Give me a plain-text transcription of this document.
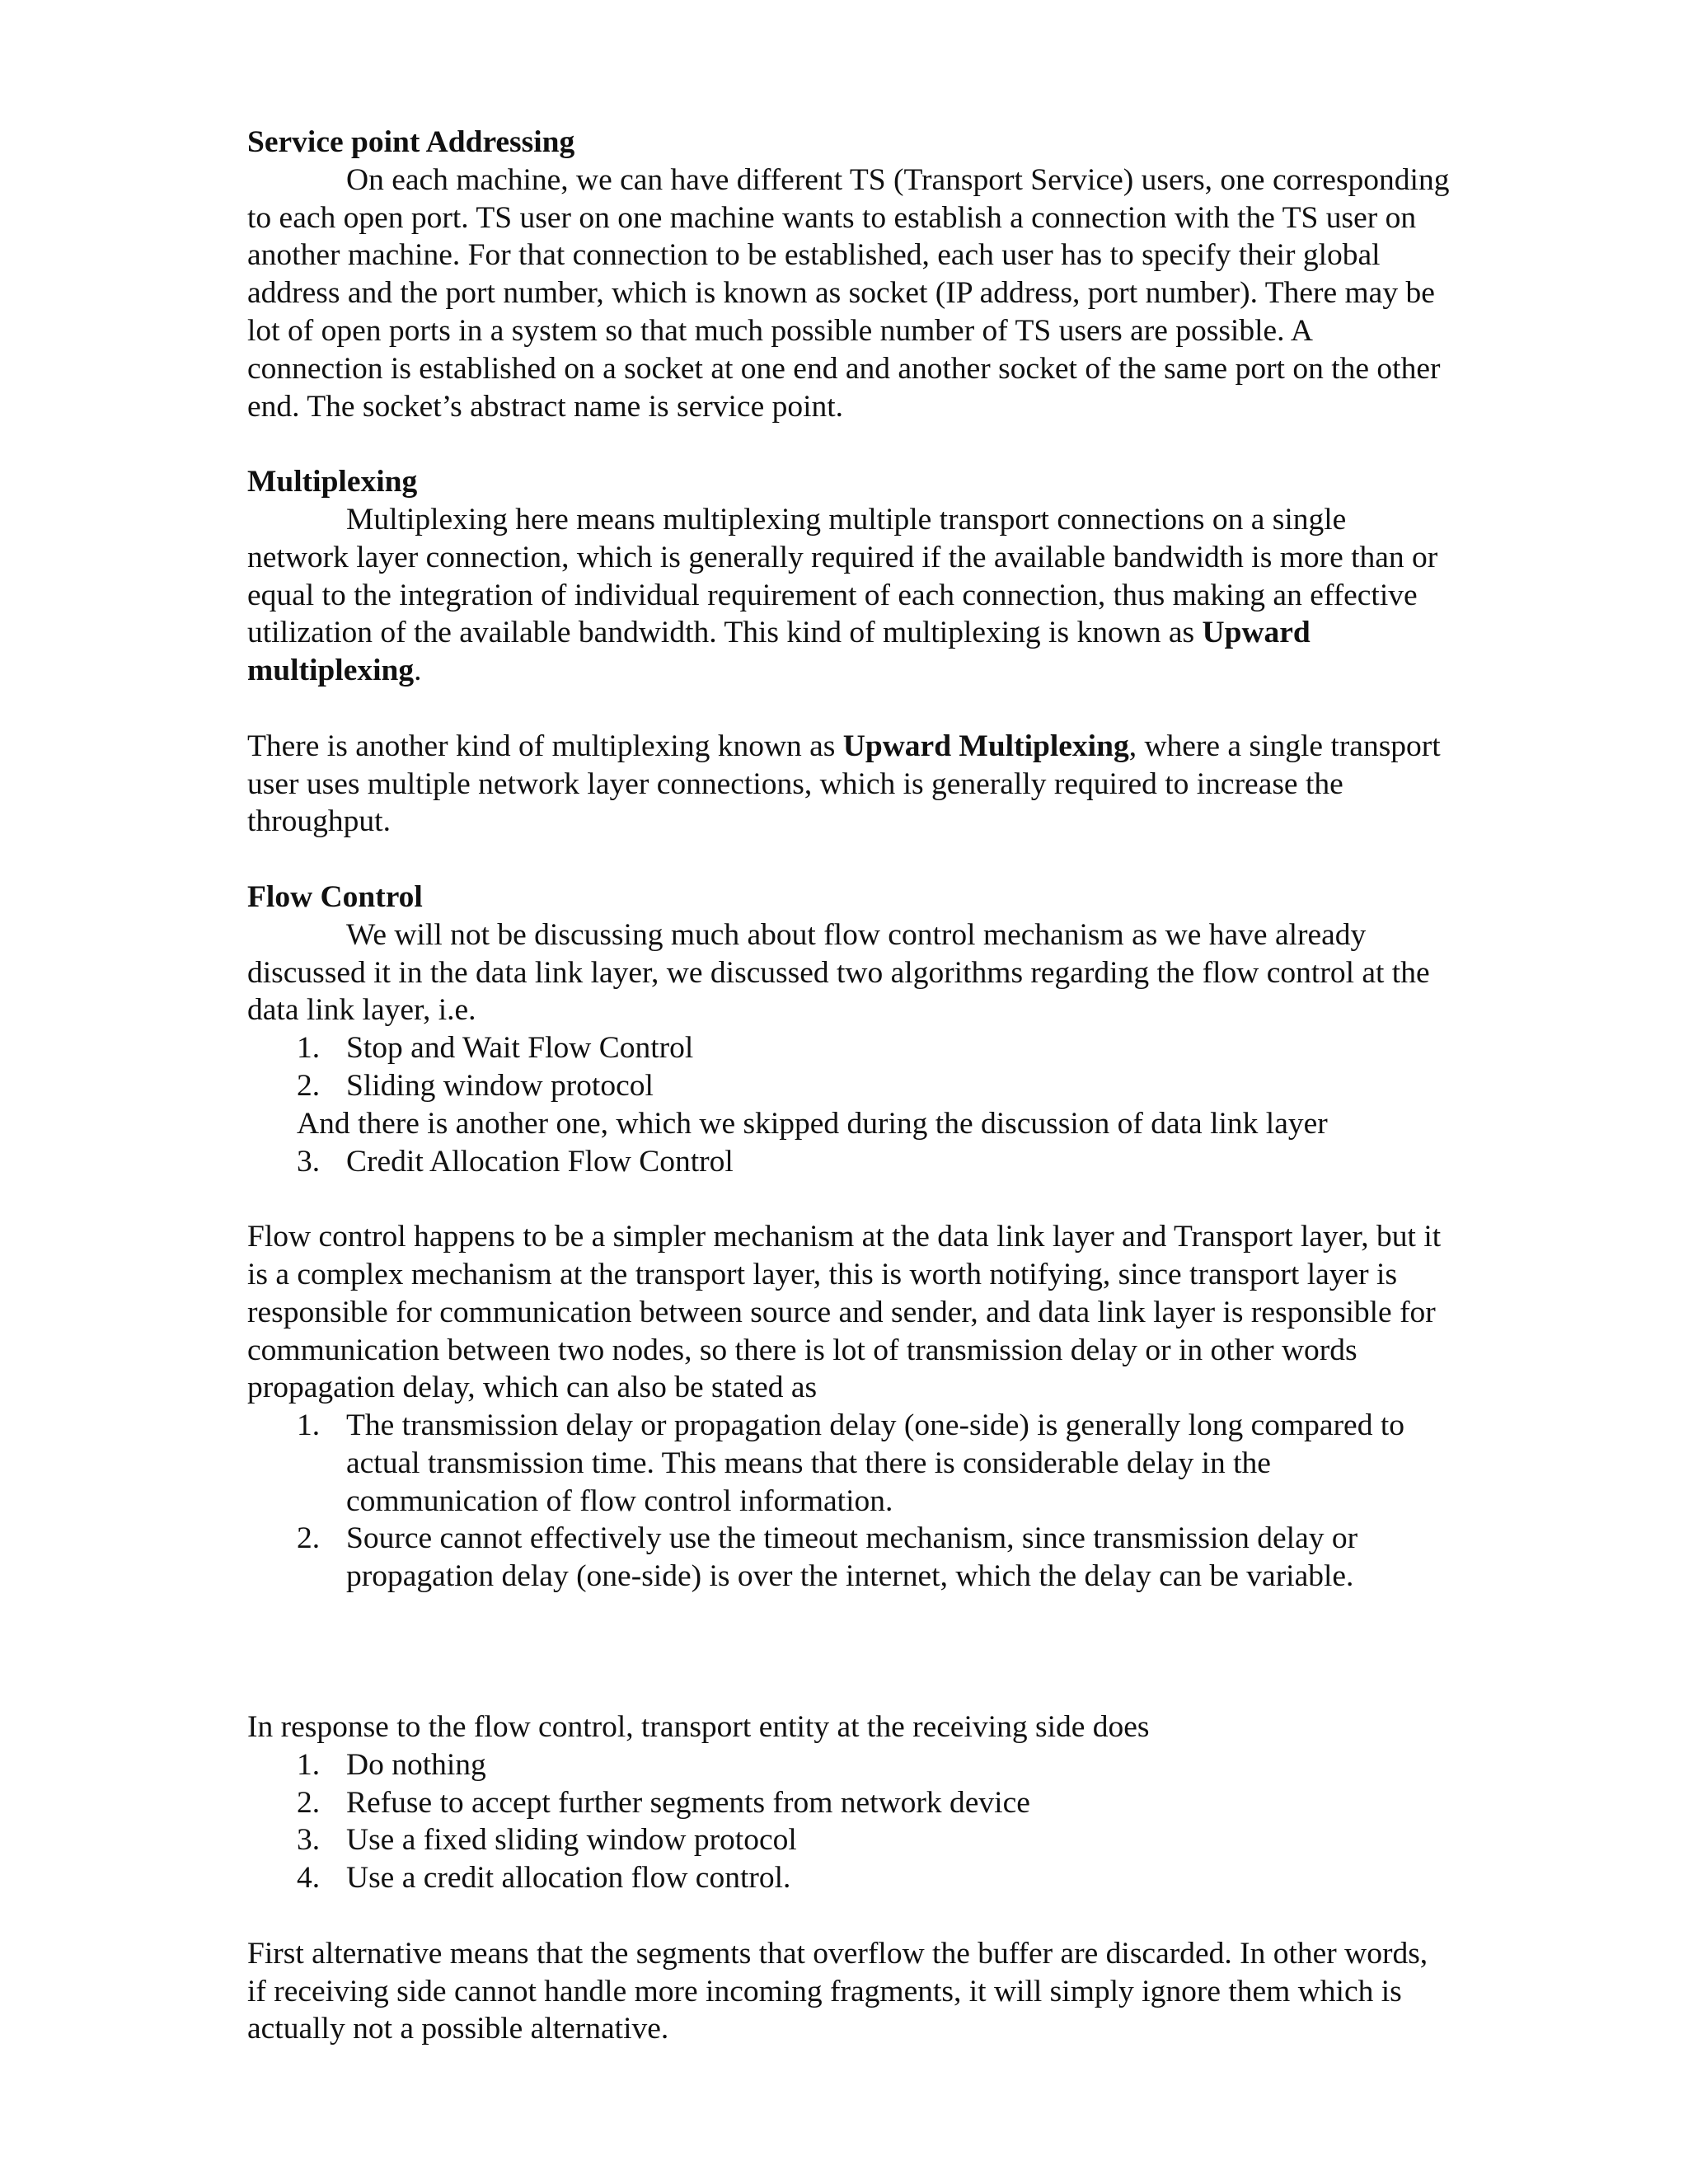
Service point Addressing

On each machine, we can have different TS (Transport Service) users, one corresponding to each open port. TS user on one machine wants to establish a connection with the TS user on another machine. For that connection to be established, each user has to specify their global address and the port number, which is known as socket (IP address, port number). There may be lot of open ports in a system so that much possible number of TS users are possible. A connection is established on a socket at one end and another socket of the same port on the other end. The socket’s abstract name is service point.

Multiplexing

Multiplexing here means multiplexing multiple transport connections on a single network layer connection, which is generally required if the available bandwidth is more than or equal to the integration of individual requirement of each connection, thus making an effective utilization of the available bandwidth. This kind of multiplexing is known as Upward multiplexing.

There is another kind of multiplexing known as Upward Multiplexing, where a single transport user uses multiple network layer connections, which is generally required to increase the throughput.

Flow Control

We will not be discussing much about flow control mechanism as we have already discussed it in the data link layer, we discussed two algorithms regarding the flow control at the data link layer, i.e.

1. Stop and Wait Flow Control
2. Sliding window protocol

And there is another one, which we skipped during the discussion of data link layer

3. Credit Allocation Flow Control

Flow control happens to be a simpler mechanism at the data link layer and Transport layer, but it is a complex mechanism at the transport layer, this is worth notifying, since transport layer is responsible for communication between source and sender, and data link layer is responsible for communication between two nodes, so there is lot of transmission delay or in other words propagation delay, which can also be stated as

1. The transmission delay or propagation delay (one-side) is generally long compared to actual transmission time. This means that there is considerable delay in the communication of flow control information.
2. Source cannot effectively use the timeout mechanism, since transmission delay or propagation delay (one-side) is over the internet, which the delay can be variable.

In response to the flow control, transport entity at the receiving side does

1. Do nothing
2. Refuse to accept further segments from network device
3. Use a fixed sliding window protocol
4. Use a credit allocation flow control.

First alternative means that the segments that overflow the buffer are discarded. In other words, if receiving side cannot handle more incoming fragments, it will simply ignore them which is actually not a possible alternative.
